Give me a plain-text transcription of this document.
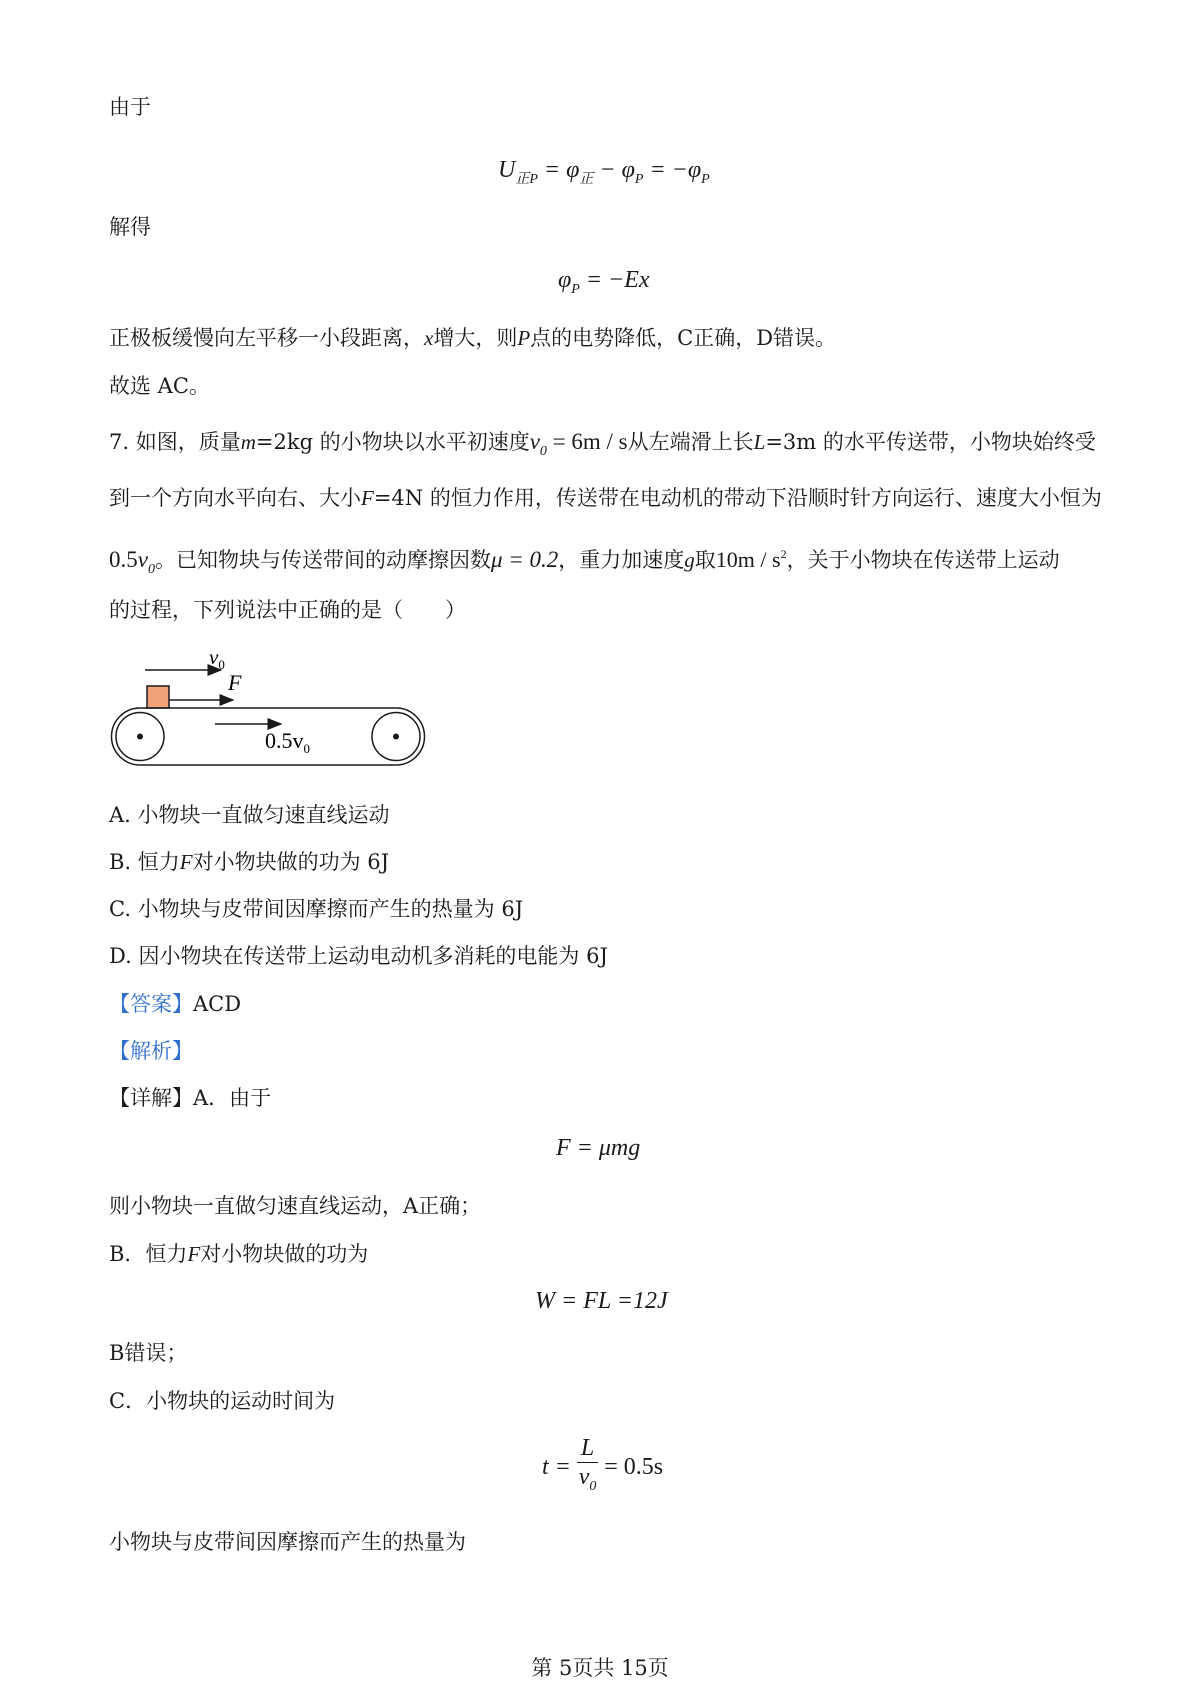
由于
$U_{正P} = \varphi_正 - \varphi_P = -\varphi_P$
解得
$\varphi_P = -Ex$
正极板缓慢向左平移一小段距离，x增大，则P点的电势降低，C正确，D错误。
故选 AC。
7. 如图，质量m=2kg 的小物块以水平初速度$v_0 = 6m / s$从左端滑上长L=3m 的水平传送带，小物块始终受
到一个方向水平向右、大小F=4N 的恒力作用，传送带在电动机的带动下沿顺时针方向运行、速度大小恒为
$0.5v_0$。已知物块与传送带间的动摩擦因数μ = 0.2，重力加速度g取$10m / s^2$，关于小物块在传送带上运动
的过程，下列说法中正确的是（　　）
$v_0$
F
$0.5v_0$
A. 小物块一直做匀速直线运动
B. 恒力F对小物块做的功为 6J
C. 小物块与皮带间因摩擦而产生的热量为 6J
D. 因小物块在传送带上运动电动机多消耗的电能为 6J
【答案】ACD
【解析】
【详解】A．由于
F = μmg
则小物块一直做匀速直线运动，A正确；
B．恒力F对小物块做的功为
W = FL =12J
B错误；
C．小物块的运动时间为
$t = \frac{L}{v_0} = 0.5s$
小物块与皮带间因摩擦而产生的热量为
第 5页共 15页
